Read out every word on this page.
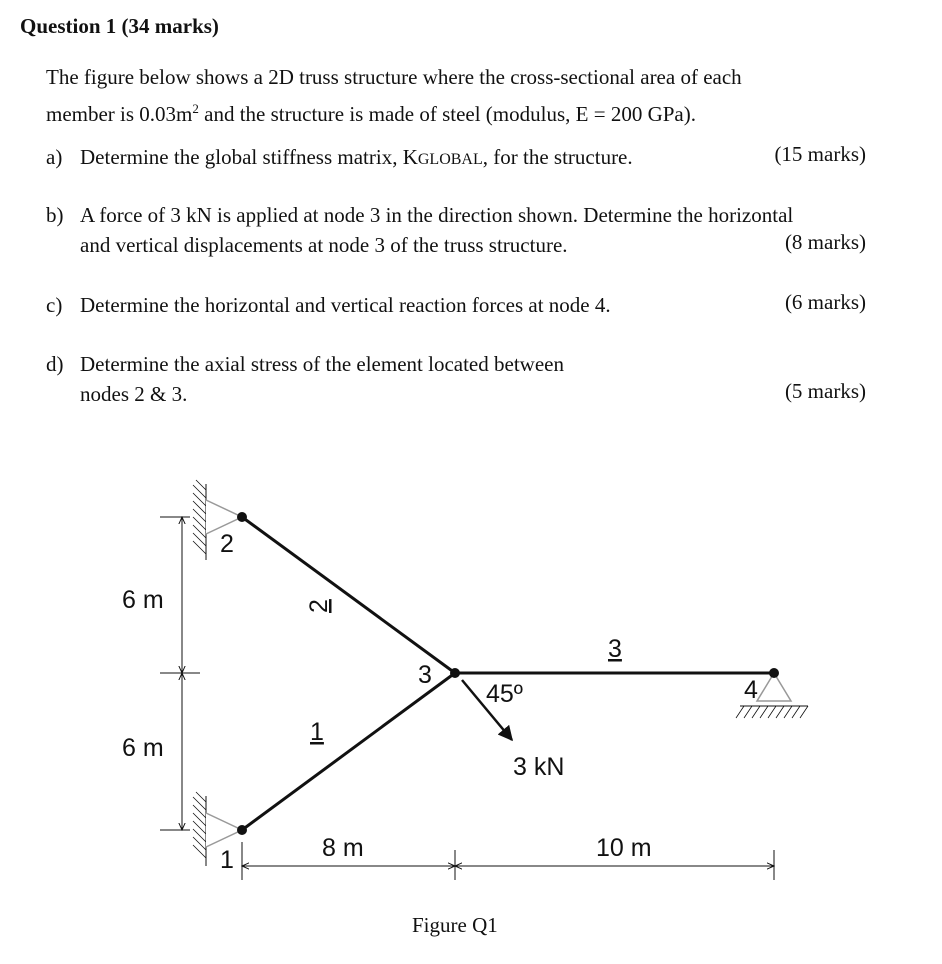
Question 1 (34 marks)
The figure below shows a 2D truss structure where the cross-sectional area of each
member is $0.03m^2$ and the structure is made of steel (modulus, E = 200 GPa).
a) Determine the global stiffness matrix, KGLOBAL, for the structure.	(15 marks)
b) A force of 3 kN is applied at node 3 in the direction shown. Determine the horizontal
and vertical displacements at node 3 of the truss structure.	(8 marks)
c) Determine the horizontal and vertical reaction forces at node 4.	(6 marks)
d) Determine the axial stress of the element located between
nodes 2 & 3.	(5 marks)
1
2
3
4
1
2
3
45º
3 kN
6 m
6 m
8 m	10 m
Figure Q1
